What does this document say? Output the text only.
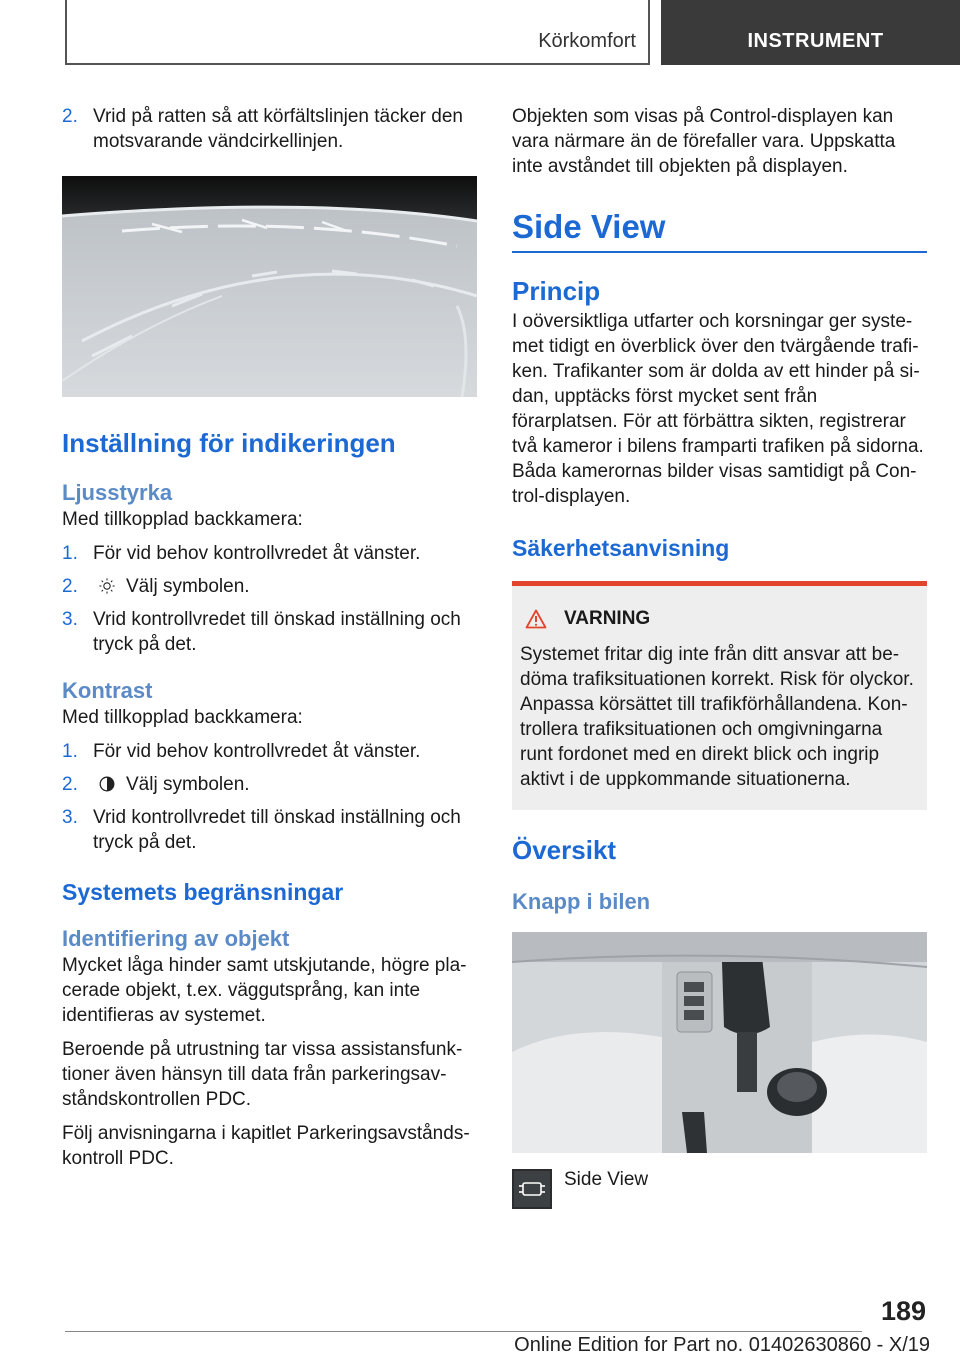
Körkomfort	INSTRUMENT
2. Vrid på ratten så att körfältslinjen täcker den motsvarande vändcirkellinjen.
Inställning för indikeringen
Ljusstyrka

Med tillkopplad backkamera:

1. För vid behov kontrollvredet åt vänster.
2.	Välj symbolen.
3. Vrid kontrollvredet till önskad inställning och tryck på det.
Kontrast

Med tillkopplad backkamera:

1. För vid behov kontrollvredet åt vänster.
2.	Välj symbolen.
3. Vrid kontrollvredet till önskad inställning och tryck på det.
Systemets begränsningar
Identifiering av objekt

Mycket låga hinder samt utskjutande, högre placerade objekt, t.ex. väggutsprång, kan inte identifieras av systemet.

Beroende på utrustning tar vissa assistansfunktioner även hänsyn till data från parkeringsavståndskontrollen PDC.

Följ anvisningarna i kapitlet Parkeringsavståndskontroll PDC.

Objekten som visas på Control-displayen kan vara närmare än de förefaller vara. Uppskatta inte avståndet till objekten på displayen.

Side View
Princip

I oöversiktliga utfarter och korsningar ger systemet tidigt en överblick över den tvärgående trafiken. Trafikanter som är dolda av ett hinder på sidan, upptäcks först mycket sent från förarplatsen. För att förbättra sikten, registrerar två kameror i bilens framparti trafiken på sidorna. Båda kamerornas bilder visas samtidigt på Control-displayen.

Säkerhetsanvisning
VARNING

Systemet fritar dig inte från ditt ansvar att bedöma trafiksituationen korrekt. Risk för olyckor. Anpassa körsättet till trafikförhållandena. Kontrollera trafiksituationen och omgivningarna runt fordonet med en direkt blick och ingrip aktivt i de uppkommande situationerna.

Översikt
Knapp i bilen
Side View
189
Online Edition for Part no. 01402630860 - X/19
